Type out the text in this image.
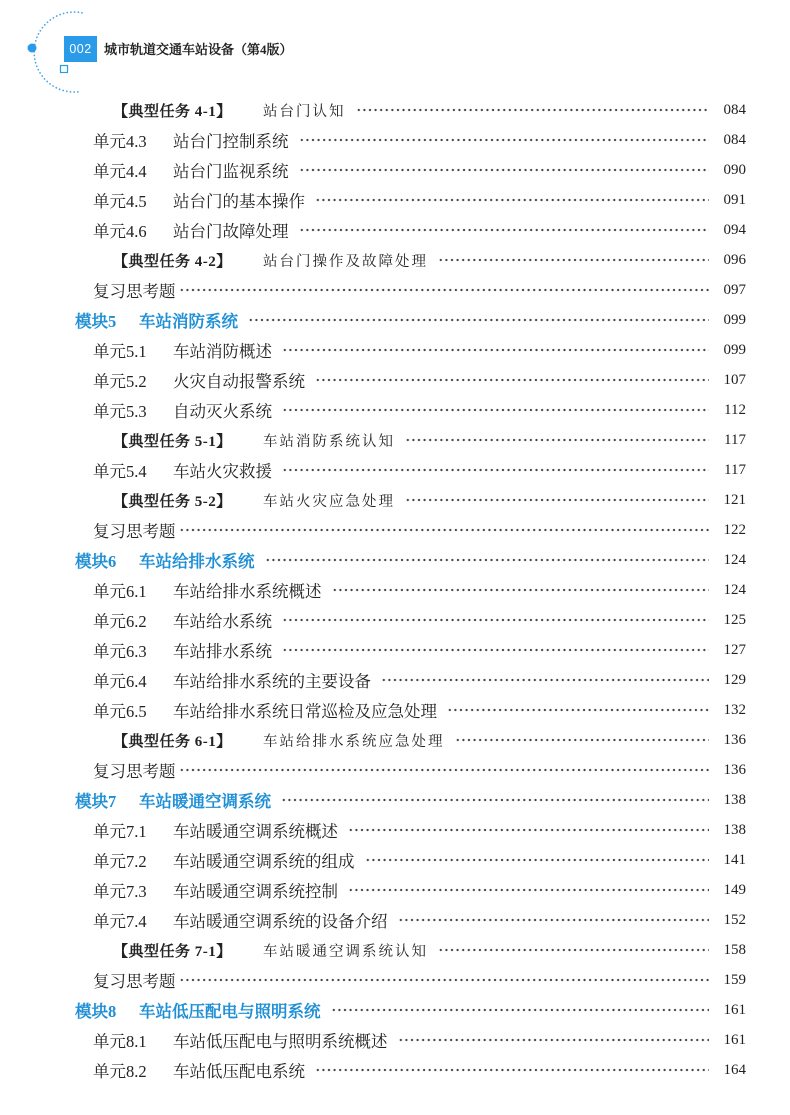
002 城市轨道交通车站设备（第4版）
【典型任务 4-1】	站台门认知	084
单元4.3	站台门控制系统	084
单元4.4	站台门监视系统	090
单元4.5	站台门的基本操作	091
单元4.6	站台门故障处理	094
【典型任务 4-2】	站台门操作及故障处理	096
复习思考题	097
模块5	车站消防系统	099
单元5.1	车站消防概述	099
单元5.2	火灾自动报警系统	107
单元5.3	自动灭火系统	112
【典型任务 5-1】	车站消防系统认知	117
单元5.4	车站火灾救援	117
【典型任务 5-2】	车站火灾应急处理	121
复习思考题	122
模块6	车站给排水系统	124
单元6.1	车站给排水系统概述	124
单元6.2	车站给水系统	125
单元6.3	车站排水系统	127
单元6.4	车站给排水系统的主要设备	129
单元6.5	车站给排水系统日常巡检及应急处理	132
【典型任务 6-1】	车站给排水系统应急处理	136
复习思考题	136
模块7	车站暖通空调系统	138
单元7.1	车站暖通空调系统概述	138
单元7.2	车站暖通空调系统的组成	141
单元7.3	车站暖通空调系统控制	149
单元7.4	车站暖通空调系统的设备介绍	152
【典型任务 7-1】	车站暖通空调系统认知	158
复习思考题	159
模块8	车站低压配电与照明系统	161
单元8.1	车站低压配电与照明系统概述	161
单元8.2	车站低压配电系统	164
